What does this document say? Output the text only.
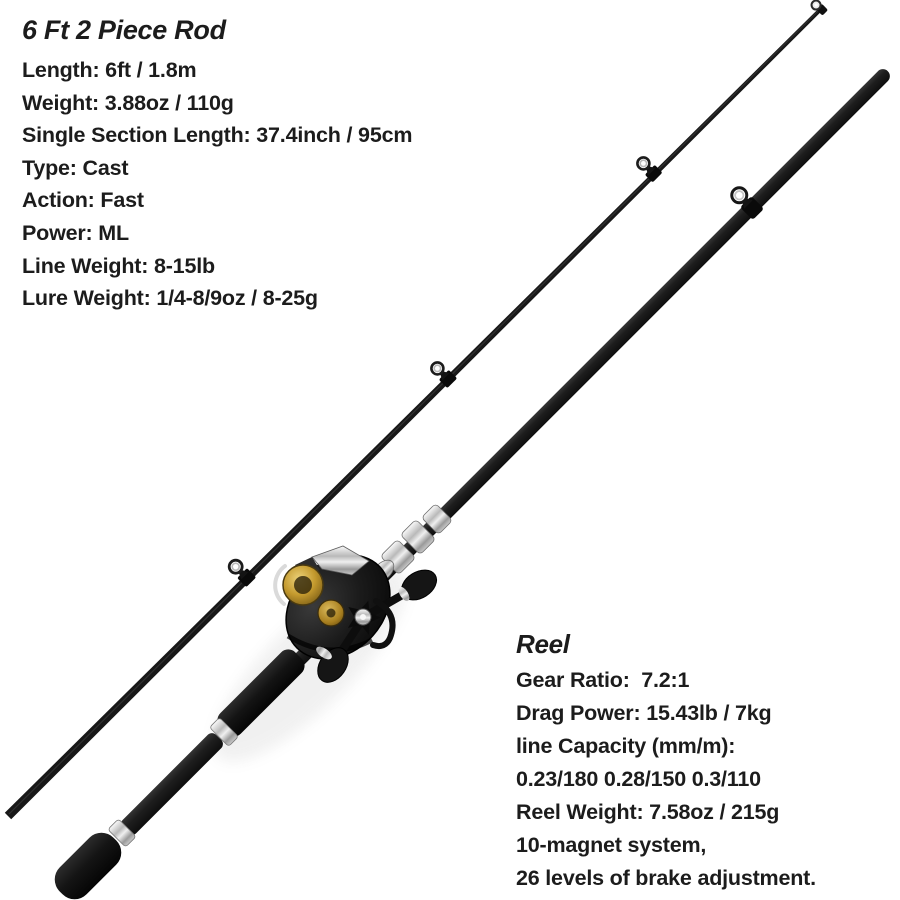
6 Ft 2 Piece Rod
Length: 6ft / 1.8m
Weight: 3.88oz / 110g
Single Section Length: 37.4inch / 95cm
Type: Cast
Action: Fast
Power: ML
Line Weight: 8-15lb
Lure Weight: 1/4-8/9oz / 8-25g
Reel
Gear Ratio:  7.2:1
Drag Power: 15.43lb / 7kg
line Capacity (mm/m):
0.23/180 0.28/150 0.3/110
Reel Weight: 7.58oz / 215g
10-magnet system,
26 levels of brake adjustment.
